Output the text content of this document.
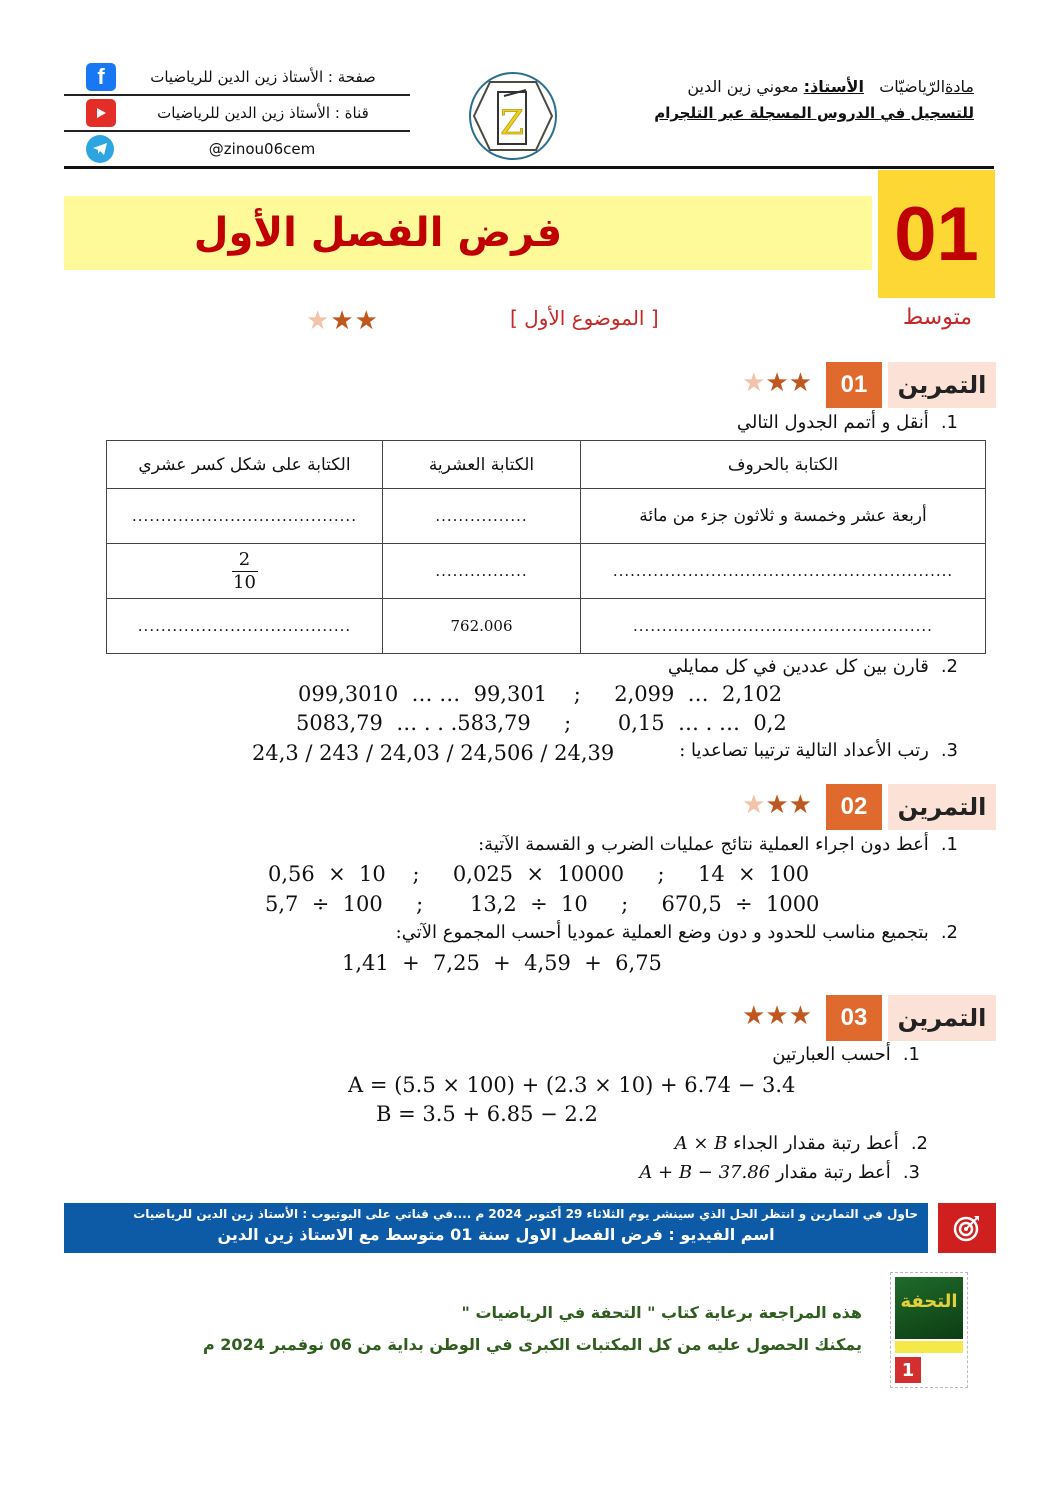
f	صفحة : الأستاذ زين الدين للرياضيات
قناة : الأستاذ زين الدين للرياضيات
@zinou06cem
Z
مادةالرّياضيّات   الأستاذ: معوني زين الدين
للتسجيل في الدروس المسجلة عبر التلجرام
فرض الفصل الأول	01
متوسط
[ الموضوع الأول ]
★★★
التمرين
01
★★★
1.أنقل و أتمم الجدول التالي
الكتابة بالحروف	الكتابة العشرية	الكتابة على شكل كسر عشري
أربعة عشر وخمسة و ثلاثون جزء من مائة	................	.......................................
...........................................................	................	$\frac{2}{10}$

....................................................	762.006	.....................................
2.قارن بين كل عددين في كل ممايلي
099,3010  … …  99,301    ;     2,099  …  2,102
5083,79  … . . .583,79     ;       0,15  … . …  0,2
3.رتب الأعداد التالية ترتيبا تصاعديا :
24,3 / 243 / 24,03 / 24,506 / 24,39
التمرين
02
★★★
1.أعط دون اجراء العملية نتائج عمليات الضرب و القسمة الآتية:
0,56  ×  10    ;     0,025  ×  10000     ;     14  ×  100
5,7  ÷  100     ;       13,2  ÷  10     ;     670,5  ÷  1000
2.بتجميع مناسب للحدود و دون وضع العملية عموديا أحسب المجموع الآتي:
1,41  +  7,25  +  4,59  +  6,75
التمرين
03
★★★
1.أحسب العبارتين
A = (5.5 × 100) + (2.3 × 10) + 6.74 − 3.4
B = 3.5 + 6.85 − 2.2
2.أعط رتبة مقدار الجداء A × B
3.أعط رتبة مقدار A + B − 37.86
حاول في التمارين و انتظر الحل الذي سينشر يوم الثلاثاء 29 أكتوبر 2024 م ....في قناتي على اليوتيوب : الأستاذ زين الدين للرياضيات
اسم الفيديو : فرض الفصل الاول سنة 01 متوسط مع الاستاذ زين الدين
هذه المراجعة برعاية كتاب " التحفة في الرياضيات "
يمكنك الحصول عليه من كل المكتبات الكبرى في الوطن بداية من 06 نوفمبر 2024 م
التحفة
1
